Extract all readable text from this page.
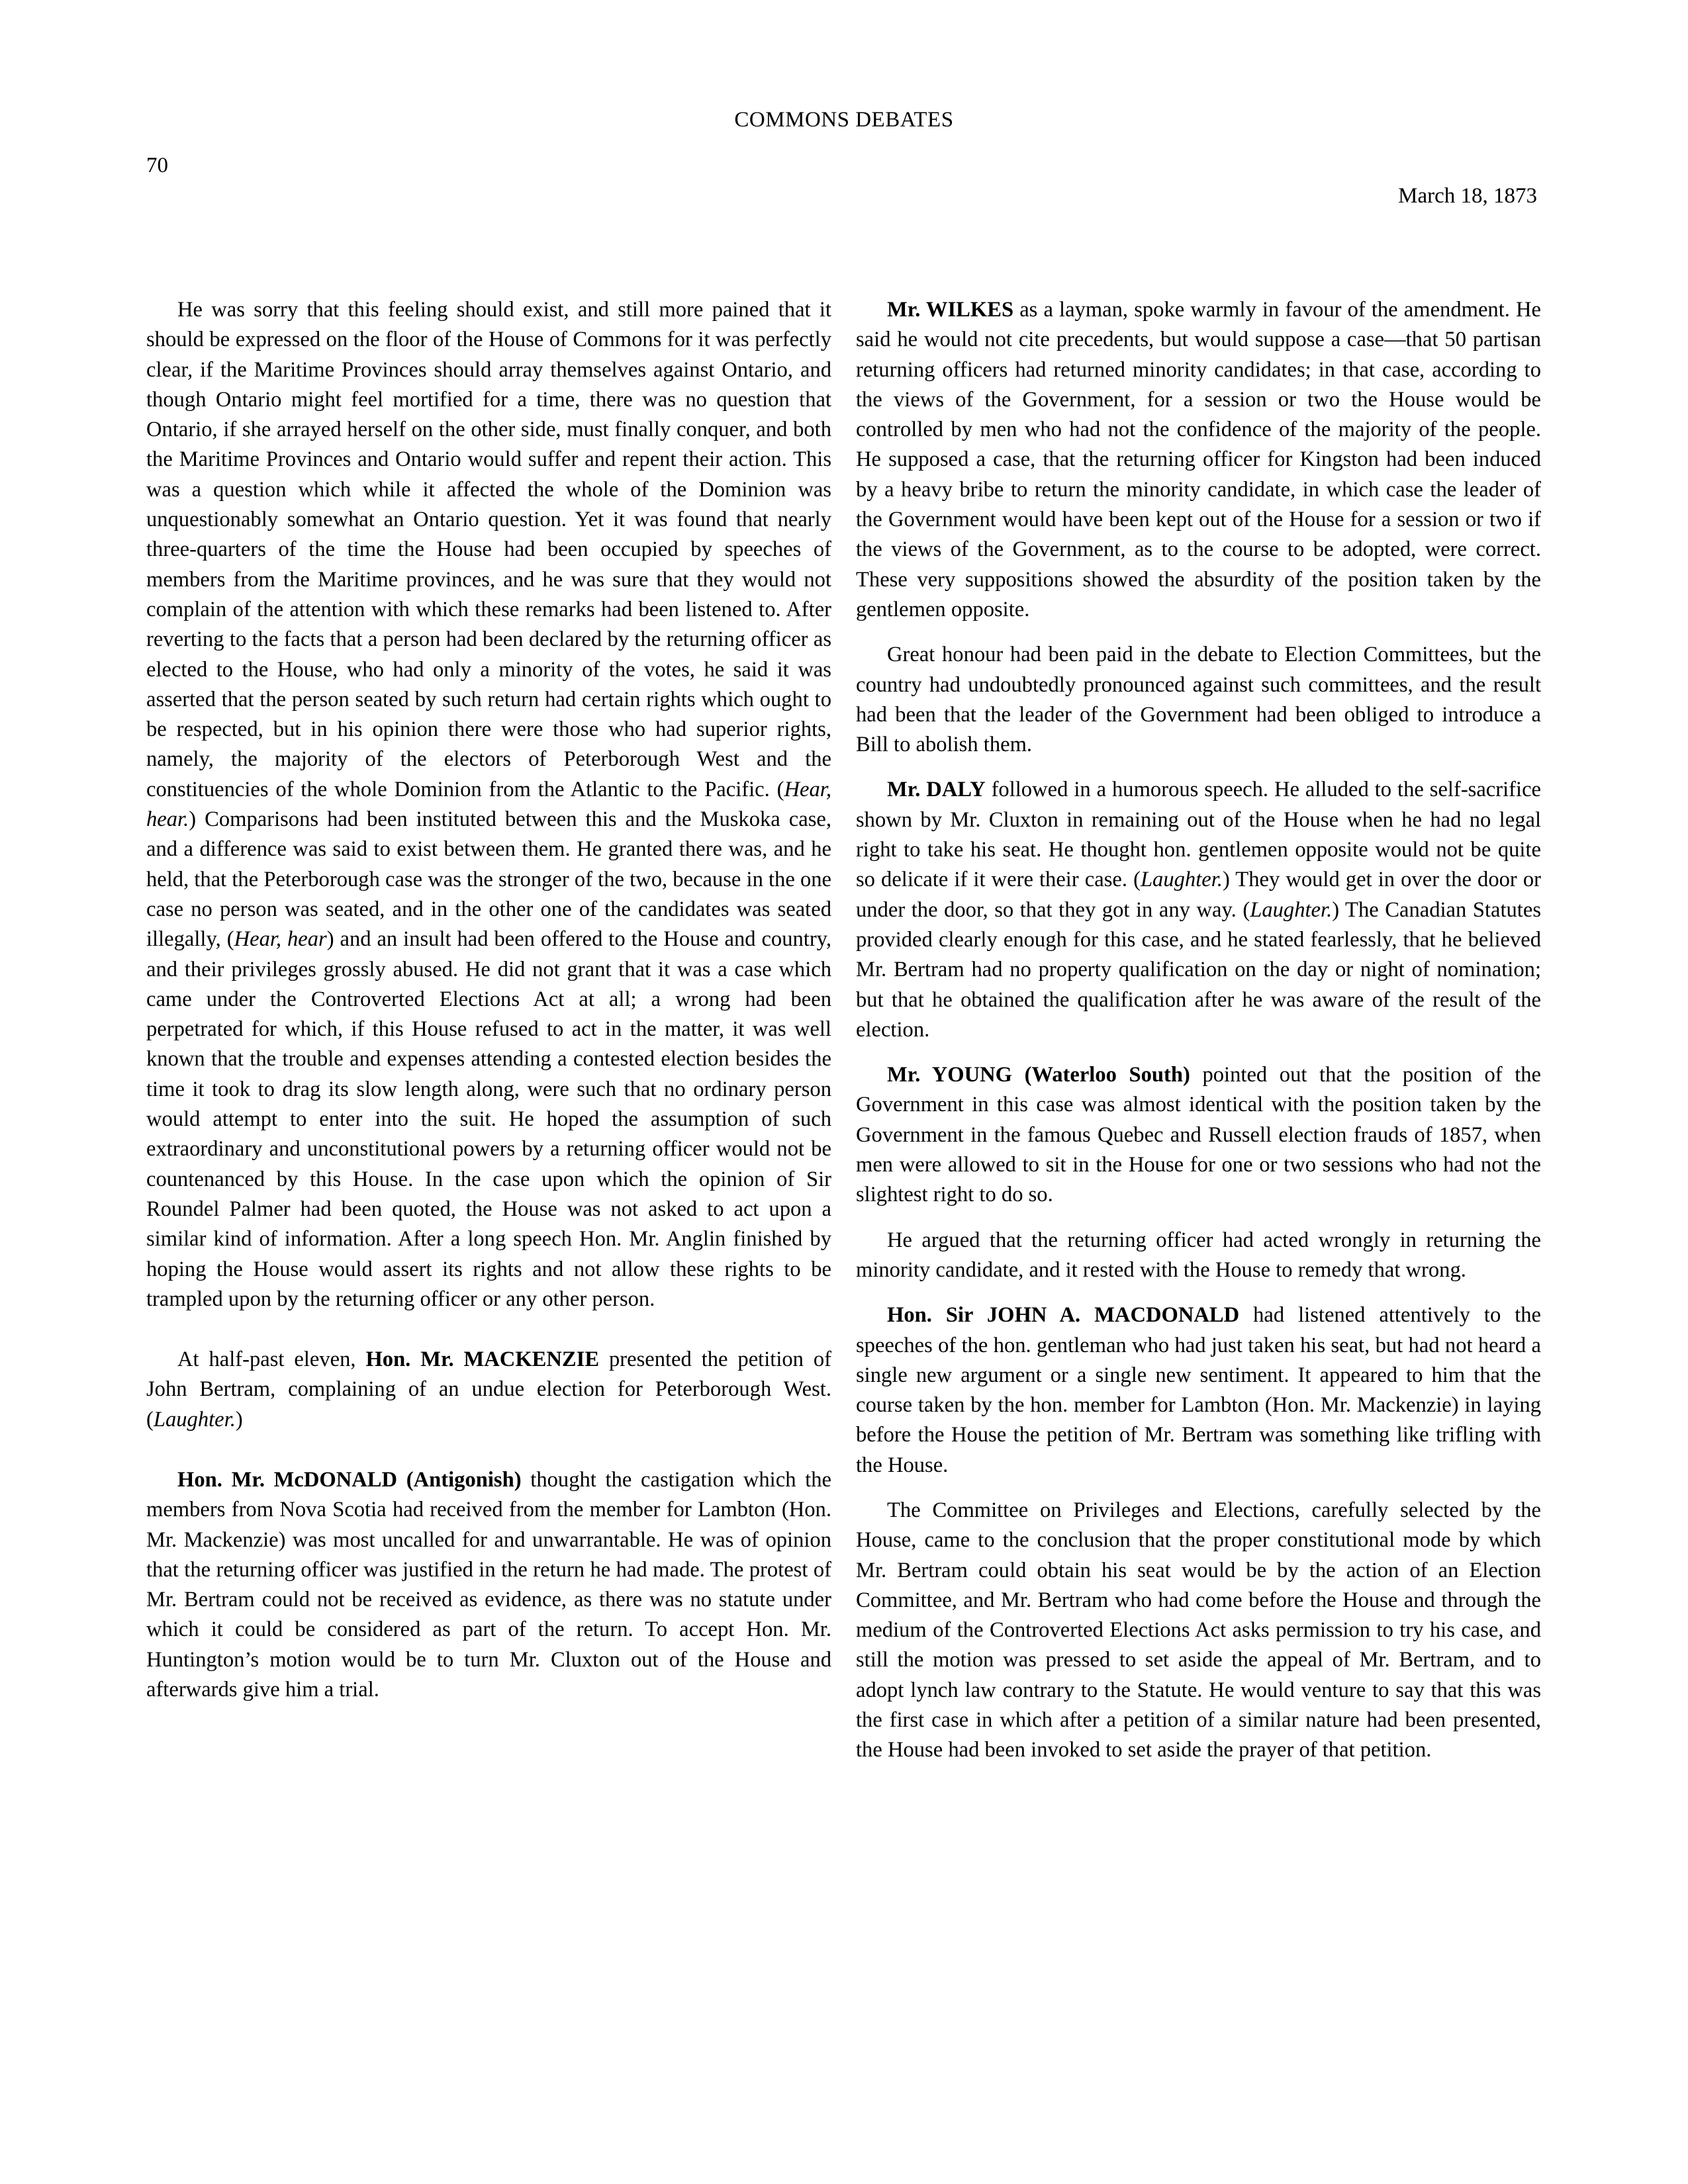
COMMONS DEBATES
70
March 18, 1873

He was sorry that this feeling should exist, and still more pained that it should be expressed on the floor of the House of Commons for it was perfectly clear, if the Maritime Provinces should array themselves against Ontario, and though Ontario might feel mortified for a time, there was no question that Ontario, if she arrayed herself on the other side, must finally conquer, and both the Maritime Provinces and Ontario would suffer and repent their action. This was a question which while it affected the whole of the Dominion was unquestionably somewhat an Ontario question. Yet it was found that nearly three-quarters of the time the House had been occupied by speeches of members from the Maritime provinces, and he was sure that they would not complain of the attention with which these remarks had been listened to. After reverting to the facts that a person had been declared by the returning officer as elected to the House, who had only a minority of the votes, he said it was asserted that the person seated by such return had certain rights which ought to be respected, but in his opinion there were those who had superior rights, namely, the majority of the electors of Peterborough West and the constituencies of the whole Dominion from the Atlantic to the Pacific. (Hear, hear.) Comparisons had been instituted between this and the Muskoka case, and a difference was said to exist between them. He granted there was, and he held, that the Peterborough case was the stronger of the two, because in the one case no person was seated, and in the other one of the candidates was seated illegally, (Hear, hear) and an insult had been offered to the House and country, and their privileges grossly abused. He did not grant that it was a case which came under the Controverted Elections Act at all; a wrong had been perpetrated for which, if this House refused to act in the matter, it was well known that the trouble and expenses attending a contested election besides the time it took to drag its slow length along, were such that no ordinary person would attempt to enter into the suit. He hoped the assumption of such extraordinary and unconstitutional powers by a returning officer would not be countenanced by this House. In the case upon which the opinion of Sir Roundel Palmer had been quoted, the House was not asked to act upon a similar kind of information. After a long speech Hon. Mr. Anglin finished by hoping the House would assert its rights and not allow these rights to be trampled upon by the returning officer or any other person.

At half-past eleven, Hon. Mr. MACKENZIE presented the petition of John Bertram, complaining of an undue election for Peterborough West. (Laughter.)

Hon. Mr. McDONALD (Antigonish) thought the castigation which the members from Nova Scotia had received from the member for Lambton (Hon. Mr. Mackenzie) was most uncalled for and unwarrantable. He was of opinion that the returning officer was justified in the return he had made. The protest of Mr. Bertram could not be received as evidence, as there was no statute under which it could be considered as part of the return. To accept Hon. Mr. Huntington’s motion would be to turn Mr. Cluxton out of the House and afterwards give him a trial.

Mr. WILKES as a layman, spoke warmly in favour of the amendment. He said he would not cite precedents, but would suppose a case—that 50 partisan returning officers had returned minority candidates; in that case, according to the views of the Government, for a session or two the House would be controlled by men who had not the confidence of the majority of the people. He supposed a case, that the returning officer for Kingston had been induced by a heavy bribe to return the minority candidate, in which case the leader of the Government would have been kept out of the House for a session or two if the views of the Government, as to the course to be adopted, were correct. These very suppositions showed the absurdity of the position taken by the gentlemen opposite.

Great honour had been paid in the debate to Election Committees, but the country had undoubtedly pronounced against such committees, and the result had been that the leader of the Government had been obliged to introduce a Bill to abolish them.

Mr. DALY followed in a humorous speech. He alluded to the self-sacrifice shown by Mr. Cluxton in remaining out of the House when he had no legal right to take his seat. He thought hon. gentlemen opposite would not be quite so delicate if it were their case. (Laughter.) They would get in over the door or under the door, so that they got in any way. (Laughter.) The Canadian Statutes provided clearly enough for this case, and he stated fearlessly, that he believed Mr. Bertram had no property qualification on the day or night of nomination; but that he obtained the qualification after he was aware of the result of the election.

Mr. YOUNG (Waterloo South) pointed out that the position of the Government in this case was almost identical with the position taken by the Government in the famous Quebec and Russell election frauds of 1857, when men were allowed to sit in the House for one or two sessions who had not the slightest right to do so.

He argued that the returning officer had acted wrongly in returning the minority candidate, and it rested with the House to remedy that wrong.

Hon. Sir JOHN A. MACDONALD had listened attentively to the speeches of the hon. gentleman who had just taken his seat, but had not heard a single new argument or a single new sentiment. It appeared to him that the course taken by the hon. member for Lambton (Hon. Mr. Mackenzie) in laying before the House the petition of Mr. Bertram was something like trifling with the House.

The Committee on Privileges and Elections, carefully selected by the House, came to the conclusion that the proper constitutional mode by which Mr. Bertram could obtain his seat would be by the action of an Election Committee, and Mr. Bertram who had come before the House and through the medium of the Controverted Elections Act asks permission to try his case, and still the motion was pressed to set aside the appeal of Mr. Bertram, and to adopt lynch law contrary to the Statute. He would venture to say that this was the first case in which after a petition of a similar nature had been presented, the House had been invoked to set aside the prayer of that petition.
